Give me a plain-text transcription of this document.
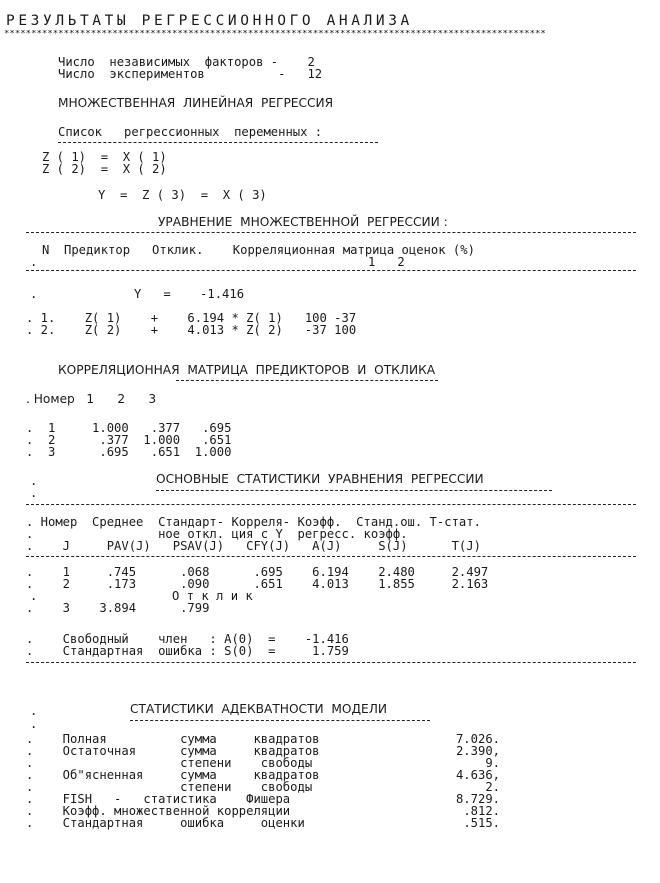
РЕЗУЛЬТАТЫ РЕГРЕССИОННОГО АНАЛИЗА
****************************************************************************************************
Число  независимых  факторов -    2
Число  экспериментов          -   12
МНОЖЕСТВЕННАЯ  ЛИНЕЙНАЯ  РЕГРЕССИЯ
Список   регрессионных  переменных :
Z ( 1)  =  X ( 1)
Z ( 2)  =  X ( 2)
Y  =  Z ( 3)  =  X ( 3)
УРАВНЕНИЕ  МНОЖЕСТВЕННОЙ  РЕГРЕССИИ :
N  Предиктор   Отклик.    Корреляционная матрица оценок (%)
.	1   2
.	Y   =    -1.416
. 1.    Z( 1)    +    6.194 * Z( 1)   100 -37
. 2.    Z( 2)    +    4.013 * Z( 2)   -37 100
КОРРЕЛЯЦИОННАЯ  МАТРИЦА  ПРЕДИКТОРОВ  И  ОТКЛИКА
. Номер   1      2      3
.  1     1.000   .377   .695
.  2      .377  1.000   .651
.  3      .695   .651  1.000
.	ОСНОВНЫЕ  СТАТИСТИКИ  УРАВНЕНИЯ  РЕГРЕССИИ
.
. Номер  Среднее  Стандарт- Корреля- Коэфф.  Станд.ош. Т-стат.
.                 ное откл. ция с Y  регресс. коэфф.
.    J     PAV(J)   PSAV(J)   CFY(J)   A(J)     S(J)      T(J)
.    1     .745      .068      .695    6.194    2.480     2.497
.    2     .173      .090      .651    4.013    1.855     2.163
.	О т к л и к
.    3    3.894      .799
.    Свободный    член   : A(0)  =    -1.416
.    Стандартная  ошибка : S(0)  =     1.759
СТАТИСТИКИ  АДЕКВАТНОСТИ  МОДЕЛИ
.
.
.    Полная          сумма     квадратов	7.026.
.    Остаточная      сумма     квадратов	2.390,
.                    степени    свободы	9.
.    Об"ясненная     сумма     квадратов	4.636,
.                    степени    свободы	2.
.    FISH   -   статистика    Фишера	8.729.
.    Коэфф. множественной корреляции	.812.
.    Стандартная     ошибка     оценки	.515.
